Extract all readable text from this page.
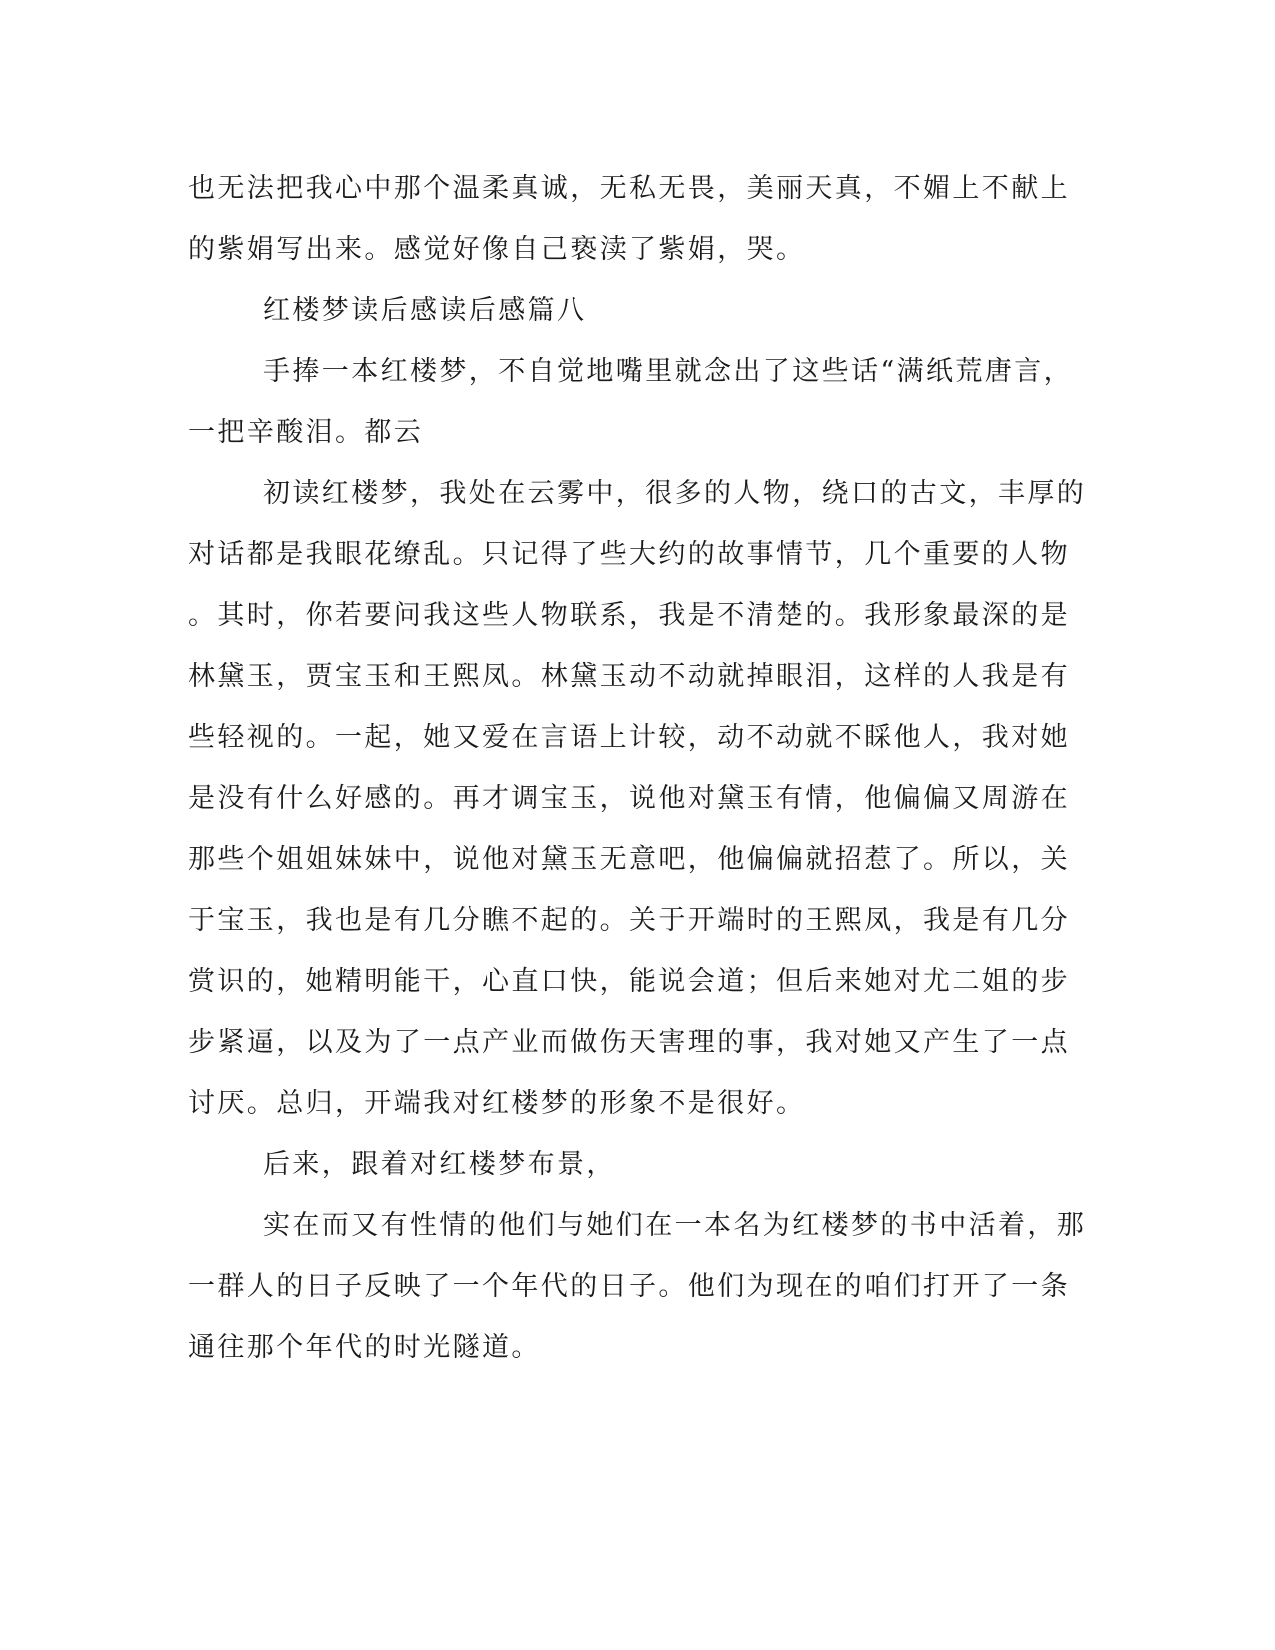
也无法把我心中那个温柔真诚，无私无畏，美丽天真，不媚上不献上
的紫娟写出来。感觉好像自己亵渎了紫娟，哭。

红楼梦读后感读后感篇八

手捧一本红楼梦，不自觉地嘴里就念出了这些话“满纸荒唐言，
一把辛酸泪。都云

初读红楼梦，我处在云雾中，很多的人物，绕口的古文，丰厚的
对话都是我眼花缭乱。只记得了些大约的故事情节，几个重要的人物
。其时，你若要问我这些人物联系，我是不清楚的。我形象最深的是
林黛玉，贾宝玉和王熙凤。林黛玉动不动就掉眼泪，这样的人我是有
些轻视的。一起，她又爱在言语上计较，动不动就不睬他人，我对她
是没有什么好感的。再才调宝玉，说他对黛玉有情，他偏偏又周游在
那些个姐姐妹妹中，说他对黛玉无意吧，他偏偏就招惹了。所以，关
于宝玉，我也是有几分瞧不起的。关于开端时的王熙凤，我是有几分
赏识的，她精明能干，心直口快，能说会道；但后来她对尤二姐的步
步紧逼，以及为了一点产业而做伤天害理的事，我对她又产生了一点
讨厌。总归，开端我对红楼梦的形象不是很好。

后来，跟着对红楼梦布景，

实在而又有性情的他们与她们在一本名为红楼梦的书中活着，那
一群人的日子反映了一个年代的日子。他们为现在的咱们打开了一条
通往那个年代的时光隧道。
